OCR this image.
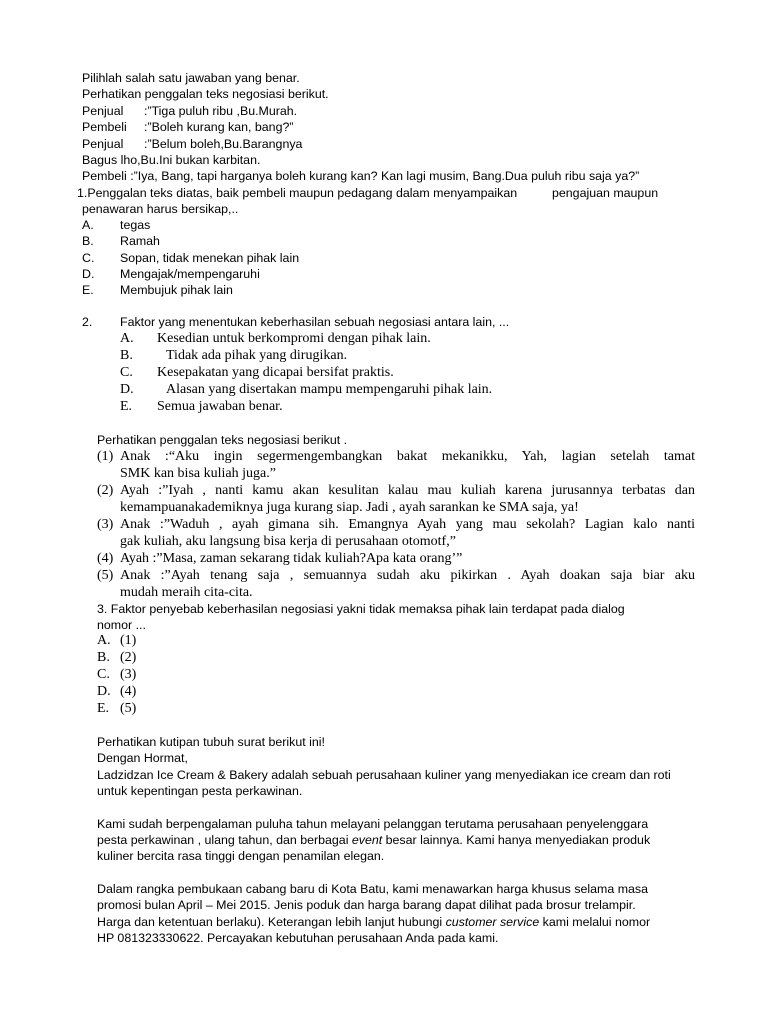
Pilihlah salah satu jawaban yang benar.
Perhatikan penggalan teks negosiasi berikut.
Penjual :”Tiga puluh ribu ,Bu.Murah.
Pembeli :”Boleh kurang kan, bang?”
Penjual :”Belum boleh,Bu.Barangnya
Bagus lho,Bu.Ini bukan karbitan.
Pembeli :”Iya, Bang, tapi harganya boleh kurang kan? Kan lagi musim, Bang.Dua puluh ribu saja ya?”
1.Penggalan teks diatas, baik pembeli maupun pedagang dalam menyampaikan	pengajuan maupun
penawaran harus bersikap,..
A. tegas
B. Ramah
C. Sopan, tidak menekan pihak lain
D. Mengajak/mempengaruhi
E. Membujuk pihak lain
2. Faktor yang menentukan keberhasilan sebuah negosiasi antara lain, ...
A. Kesedian untuk berkompromi dengan pihak lain.
B. Tidak ada pihak yang dirugikan.
C. Kesepakatan yang dicapai bersifat praktis.
D. Alasan yang disertakan mampu mempengaruhi pihak lain.
E. Semua jawaban benar.
Perhatikan penggalan teks negosiasi berikut .
(1) Anak :“Aku ingin segermengembangkan bakat mekanikku, Yah, lagian setelah tamat
SMK kan bisa kuliah juga.”
(2) Ayah :”Iyah , nanti kamu akan kesulitan kalau mau kuliah karena jurusannya terbatas dan
kemampuanakademiknya juga kurang siap. Jadi , ayah sarankan ke SMA saja, ya!
(3) Anak :”Waduh , ayah gimana sih. Emangnya Ayah yang mau sekolah? Lagian kalo nanti
gak kuliah, aku langsung bisa kerja di perusahaan otomotf,”
(4) Ayah :”Masa, zaman sekarang tidak kuliah?Apa kata orang’”
(5) Anak :”Ayah tenang saja , semuannya sudah aku pikirkan . Ayah doakan saja biar aku
mudah meraih cita-cita.
3. Faktor penyebab keberhasilan negosiasi yakni tidak memaksa pihak lain terdapat pada dialog
nomor ...
A. (1)
B. (2)
C. (3)
D. (4)
E. (5)
Perhatikan kutipan tubuh surat berikut ini!
Dengan Hormat,
Ladzidzan Ice Cream & Bakery adalah sebuah perusahaan kuliner yang menyediakan ice cream dan roti
untuk kepentingan pesta perkawinan.
Kami sudah berpengalaman puluha tahun melayani pelanggan terutama perusahaan penyelenggara
pesta perkawinan , ulang tahun, dan berbagai event besar lainnya. Kami hanya menyediakan produk
kuliner bercita rasa tinggi dengan penamilan elegan.
Dalam rangka pembukaan cabang baru di Kota Batu, kami menawarkan harga khusus selama masa
promosi bulan April – Mei 2015. Jenis poduk dan harga barang dapat dilihat pada brosur trelampir.
Harga dan ketentuan berlaku). Keterangan lebih lanjut hubungi customer service kami melalui nomor
HP 081323330622. Percayakan kebutuhan perusahaan Anda pada kami.
